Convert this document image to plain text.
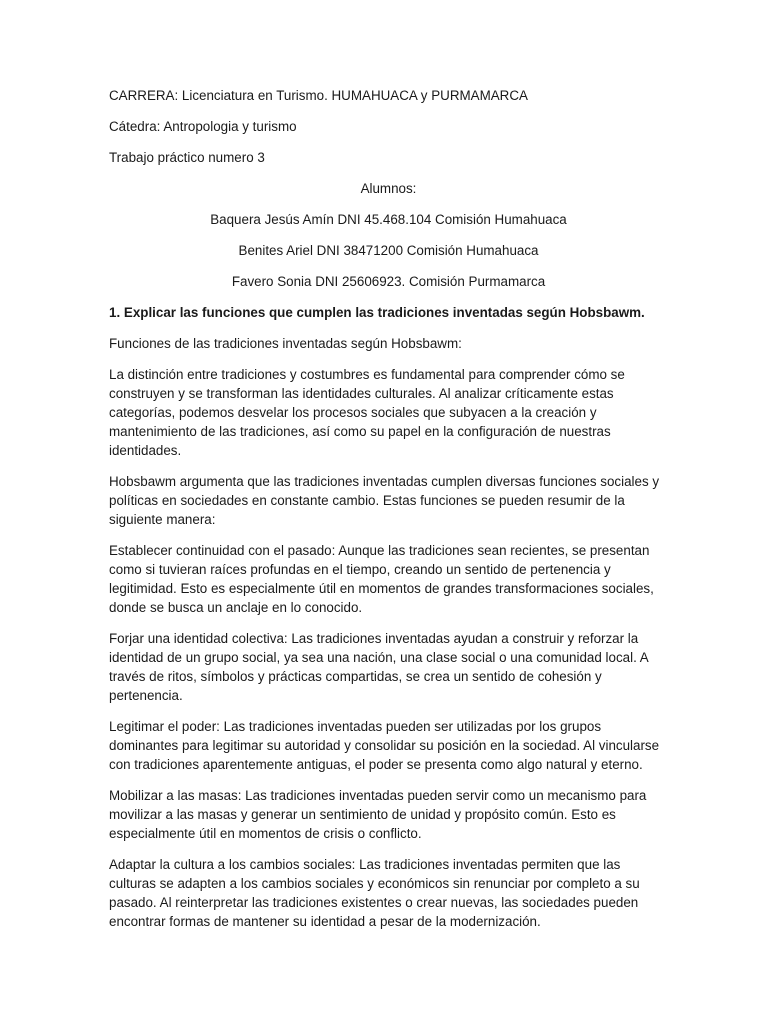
CARRERA: Licenciatura en Turismo. HUMAHUACA y PURMAMARCA

Cátedra: Antropologia y turismo

Trabajo práctico numero 3

Alumnos:

Baquera Jesús Amín DNI 45.468.104 Comisión Humahuaca

Benites Ariel DNI 38471200 Comisión Humahuaca

Favero Sonia DNI 25606923. Comisión Purmamarca

1. Explicar las funciones que cumplen las tradiciones inventadas según Hobsbawm.

Funciones de las tradiciones inventadas según Hobsbawm:

La distinción entre tradiciones y costumbres es fundamental para comprender cómo se construyen y se transforman las identidades culturales. Al analizar críticamente estas categorías, podemos desvelar los procesos sociales que subyacen a la creación y mantenimiento de las tradiciones, así como su papel en la configuración de nuestras identidades.

Hobsbawm argumenta que las tradiciones inventadas cumplen diversas funciones sociales y políticas en sociedades en constante cambio. Estas funciones se pueden resumir de la siguiente manera:

Establecer continuidad con el pasado: Aunque las tradiciones sean recientes, se presentan como si tuvieran raíces profundas en el tiempo, creando un sentido de pertenencia y legitimidad. Esto es especialmente útil en momentos de grandes transformaciones sociales, donde se busca un anclaje en lo conocido.

Forjar una identidad colectiva: Las tradiciones inventadas ayudan a construir y reforzar la identidad de un grupo social, ya sea una nación, una clase social o una comunidad local. A través de ritos, símbolos y prácticas compartidas, se crea un sentido de cohesión y pertenencia.

Legitimar el poder: Las tradiciones inventadas pueden ser utilizadas por los grupos dominantes para legitimar su autoridad y consolidar su posición en la sociedad. Al vincularse con tradiciones aparentemente antiguas, el poder se presenta como algo natural y eterno.

Mobilizar a las masas: Las tradiciones inventadas pueden servir como un mecanismo para movilizar a las masas y generar un sentimiento de unidad y propósito común. Esto es especialmente útil en momentos de crisis o conflicto.

Adaptar la cultura a los cambios sociales: Las tradiciones inventadas permiten que las culturas se adapten a los cambios sociales y económicos sin renunciar por completo a su pasado. Al reinterpretar las tradiciones existentes o crear nuevas, las sociedades pueden encontrar formas de mantener su identidad a pesar de la modernización.
